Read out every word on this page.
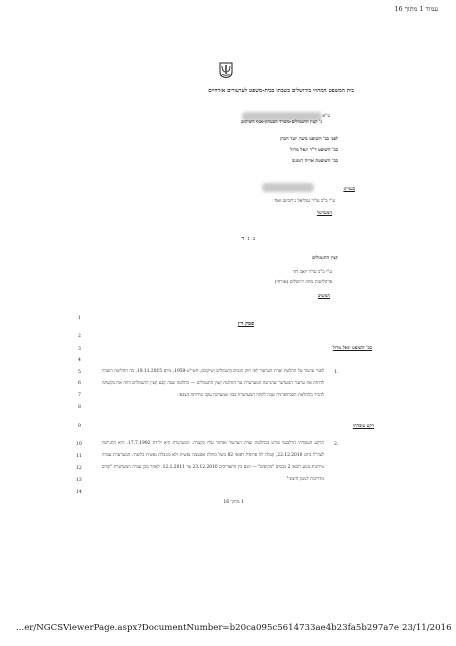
עמוד 1 מתוך 16
בית המשפט המחוזי בירושלים בשבתו כבית-משפט לערעורים אזרחיים
ע"א
נ' קצין התגמולים-משרד הבטחון-אגף השיקום
לפני כב' השופט משה יועד הכהן
כב' השופט ד"ר יגאל מרזל
כב' השופטת אריה רומנוב
בעניין:
ע"י ב"כ עו"ד גמליאל ג'רוביגב ואח'
המערער
נ ג ד
קצין התגמולים
ע"י ב"כ עו"ד יואב דוד
פרקליטות מחוז ירושלים (אזרחי)
המשיב
פסק דין
כב' השופט יגאל מרזל
1
2
3
4
5
6
7
8
9
10
11
12
13
14
1.
לפניי ערעור על החלטת ועדת הערעור לפי חוק הנכים (תגמולים ושיקום), תשי"ט-1959, מיום 19.11.2015, בה החליטה הועדה לדחות את ערעור המערער שהגישה המערערת נגד החלטת קצין התגמולים — החלטה שבה קבע קצין התגמולים דחה את בקשתה להכיר בהחלטת הסכיזופרניה שבה לקתה המערערת כבה שמערבה עקב שירותה הצבאי.
רקע עובדתי
2.
הרקע העובדתי הרלבנטי פורט בהחלטת ועדת הערעור ואחזור עליו בקצרה. המערערת היא ילידת 17.7.1992. היא התגייסה לצה"ל ביום 22.12.2010, קבלה לה פרופיל רפואי 82 בשל מחלת אסטמה נפשית ולא מוגבלת נפשית כלשהי. המערערת עברה טירונות מנוע רובאי 2 בבסיס "מקיפים" — ושם בין התאריכים 23.12.2010 עד 12.1.2011. לאחר מכן עברה המערערת "קורס מדריכות לנשק חיצוני"
1 מתוך 16
...er/NGCSViewerPage.aspx?DocumentNumber=b20ca095c5614733ae4b23fa5b297a7e 23/11/2016
